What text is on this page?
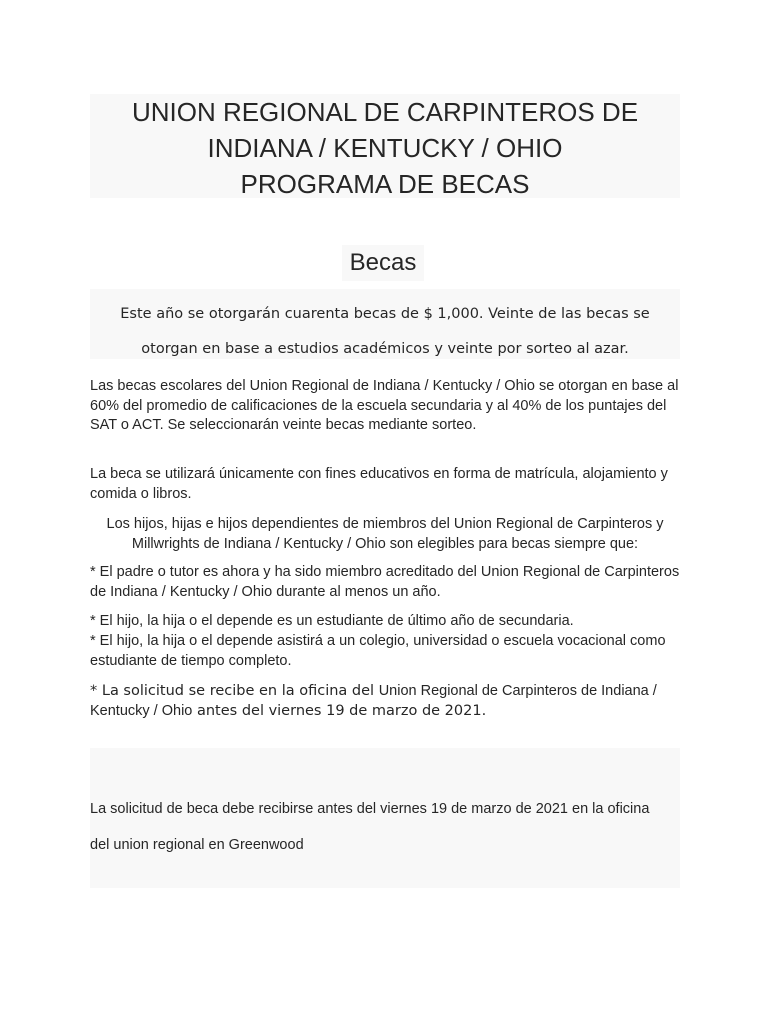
UNION REGIONAL DE CARPINTEROS DE

INDIANA / KENTUCKY / OHIO

PROGRAMA DE BECAS

Becas

Este año se otorgarán cuarenta becas de $ 1,000. Veinte de las becas se

otorgan en base a estudios académicos y veinte por sorteo al azar.

Las becas escolares del Union Regional de Indiana / Kentucky / Ohio se otorgan en base al 60% del promedio de calificaciones de la escuela secundaria y al 40% de los puntajes del SAT o ACT. Se seleccionarán veinte becas mediante sorteo.

La beca se utilizará únicamente con fines educativos en forma de matrícula, alojamiento y comida o libros.

Los hijos, hijas e hijos dependientes de miembros del Union Regional de Carpinteros y
Millwrights de Indiana / Kentucky / Ohio son elegibles para becas siempre que:

* El padre o tutor es ahora y ha sido miembro acreditado del Union Regional de Carpinteros de Indiana / Kentucky / Ohio durante al menos un año.

* El hijo, la hija o el depende es un estudiante de último año de secundaria.

* El hijo, la hija o el depende asistirá a un colegio, universidad o escuela vocacional como estudiante de tiempo completo.

* La solicitud se recibe en la oficina del Union Regional de Carpinteros de Indiana / Kentucky / Ohio antes del viernes 19 de marzo de 2021.

La solicitud de beca debe recibirse antes del viernes 19 de marzo de 2021 en la oficina

del union regional en Greenwood
